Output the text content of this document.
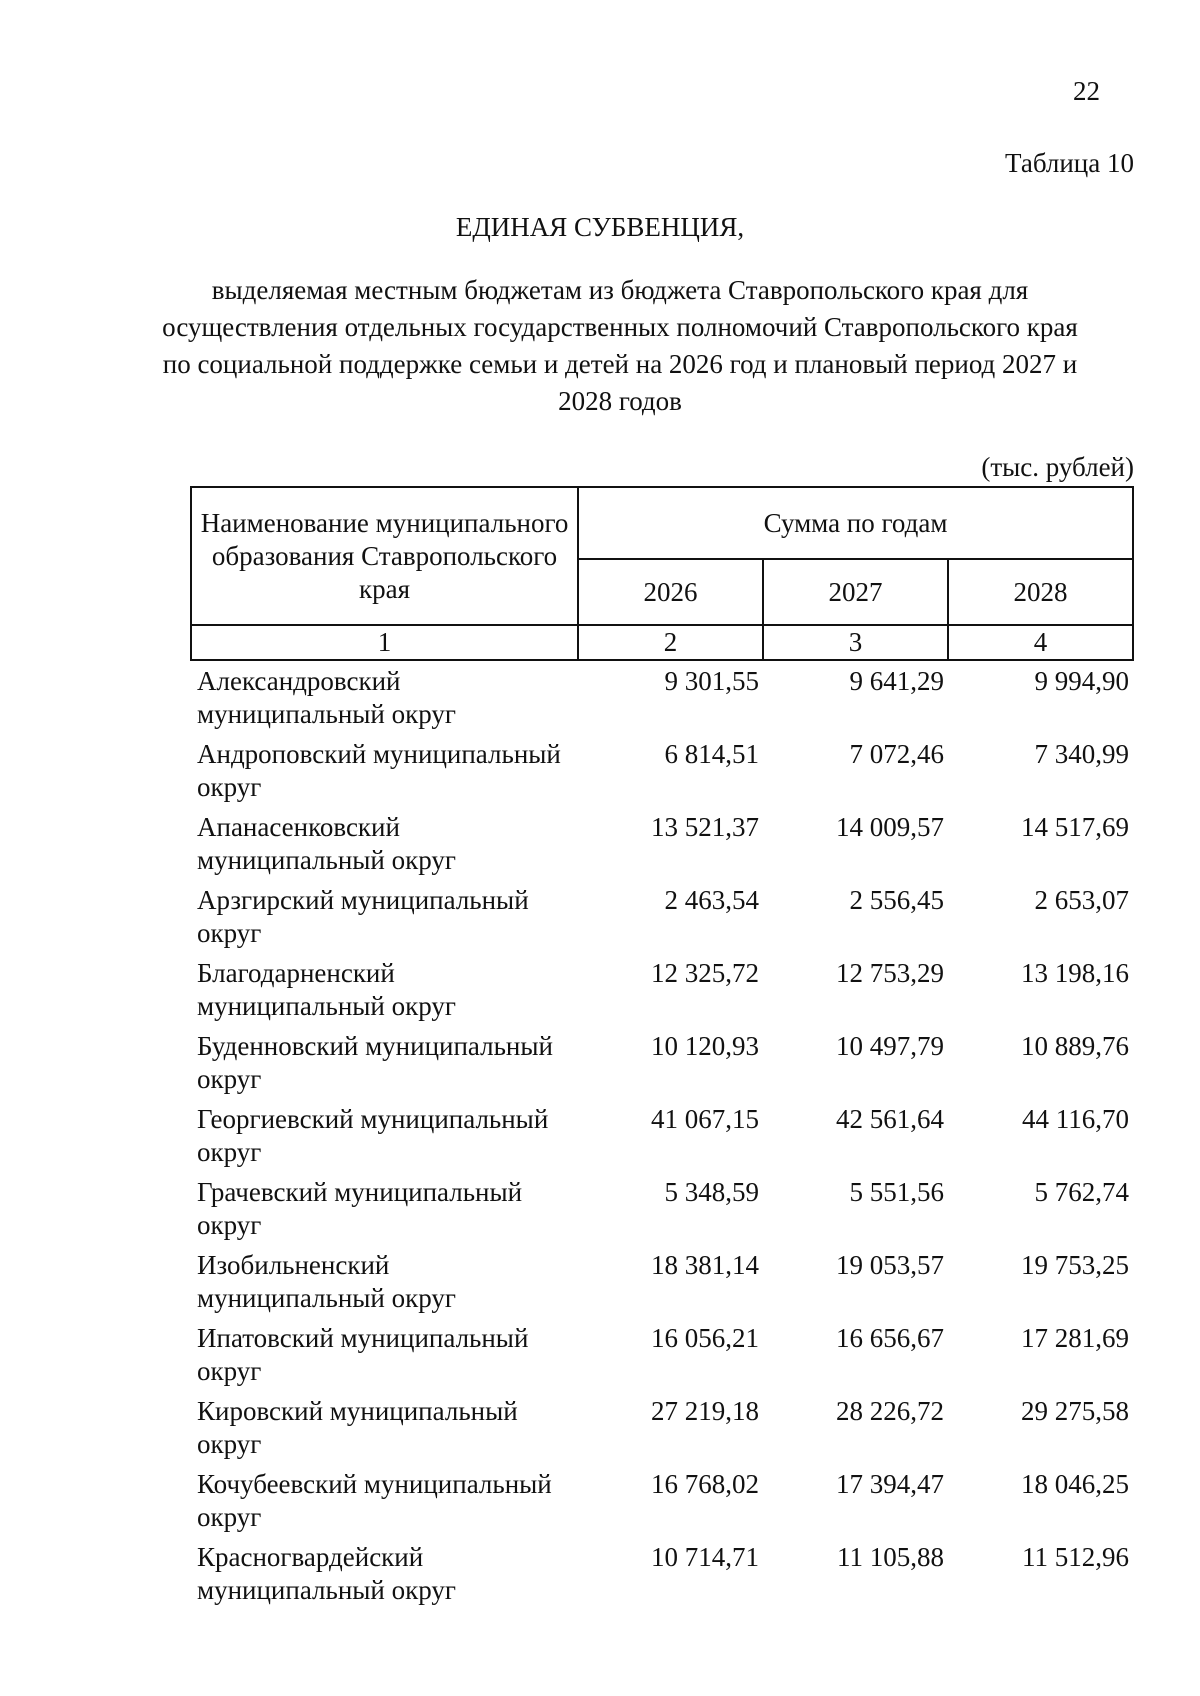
22
Таблица 10
ЕДИНАЯ СУБВЕНЦИЯ,
выделяемая местным бюджетам из бюджета Ставропольского края для осуществления отдельных государственных полномочий Ставропольского края по социальной поддержке семьи и детей на 2026 год и плановый период 2027 и 2028 годов
(тыс. рублей)
Наименование муниципального образования Ставропольского края	Сумма по годам		
	2026	2027	2028
1	2	3	4
Александровский муниципальный округ	9 301,55	9 641,29	9 994,90
Андроповский муниципальный округ	6 814,51	7 072,46	7 340,99
Апанасенковский муниципальный округ	13 521,37	14 009,57	14 517,69
Арзгирский муниципальный округ	2 463,54	2 556,45	2 653,07
Благодарненский муниципальный округ	12 325,72	12 753,29	13 198,16
Буденновский муниципальный округ	10 120,93	10 497,79	10 889,76
Георгиевский муниципальный округ	41 067,15	42 561,64	44 116,70
Грачевский муниципальный округ	5 348,59	5 551,56	5 762,74
Изобильненский муниципальный округ	18 381,14	19 053,57	19 753,25
Ипатовский муниципальный округ	16 056,21	16 656,67	17 281,69
Кировский муниципальный округ	27 219,18	28 226,72	29 275,58
Кочубеевский муниципальный округ	16 768,02	17 394,47	18 046,25
Красногвардейский муниципальный округ	10 714,71	11 105,88	11 512,96
